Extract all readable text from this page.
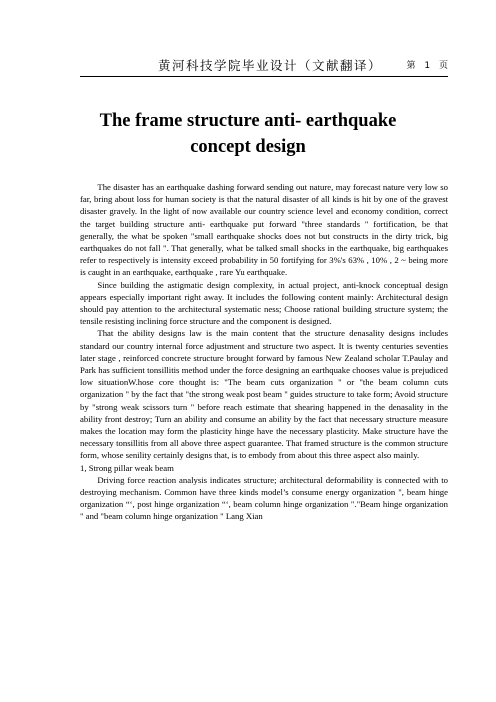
黄河科技学院毕业设计（文献翻译）	第 1 页
The frame structure anti- earthquake concept design

The disaster has an earthquake dashing forward sending out nature, may forecast nature very low so far, bring about loss for human society is that the natural disaster of all kinds is hit by one of the gravest disaster gravely. In the light of now available our country science level and economy condition, correct the target building structure anti- earthquake put forward "three standards " fortification, be that generally, the what be spoken "small earthquake shocks does not but constructs in the dirty trick, big earthquakes do not fall ". That generally, what be talked small shocks in the earthquake, big earthquakes refer to respectively is intensity exceed probability in 50 fortifying for 3%'s 63% , 10% , 2 ~ being more is caught in an earthquake, earthquake , rare Yu earthquake.

Since building the astigmatic design complexity, in actual project, anti-knock conceptual design appears especially important right away. It includes the following content mainly: Architectural design should pay attention to the architectural systematic ness; Choose rational building structure system; the tensile resisting inclining force structure and the component is designed.

That the ability designs law is the main content that the structure denasality designs includes standard our country internal force adjustment and structure two aspect. It is twenty centuries seventies later stage , reinforced concrete structure brought forward by famous New Zealand scholar T.Paulay and Park has sufficient tonsillitis method under the force designing an earthquake chooses value is prejudiced low situationW.hose core thought is: "The beam cuts organization " or "the beam column cuts organization " by the fact that "the strong weak post beam " guides structure to take form; Avoid structure by "strong weak scissors turn " before reach estimate that shearing happened in the denasality in the ability front destroy; Turn an ability and consume an ability by the fact that necessary structure measure makes the location may form the plasticity hinge have the necessary plasticity. Make structure have the necessary tonsillitis from all above three aspect guarantee. That framed structure is the common structure form, whose senility certainly designs that, is to embody from about this three aspect also mainly.

1, Strong pillar weak beam

Driving force reaction analysis indicates structure; architectural deformability is connected with to destroying mechanism. Common have three kinds model’s consume energy organization ", beam hinge organization “‘, post hinge organization “‘, beam column hinge organization "."Beam hinge organization " and "beam column hinge organization " Lang Xian
